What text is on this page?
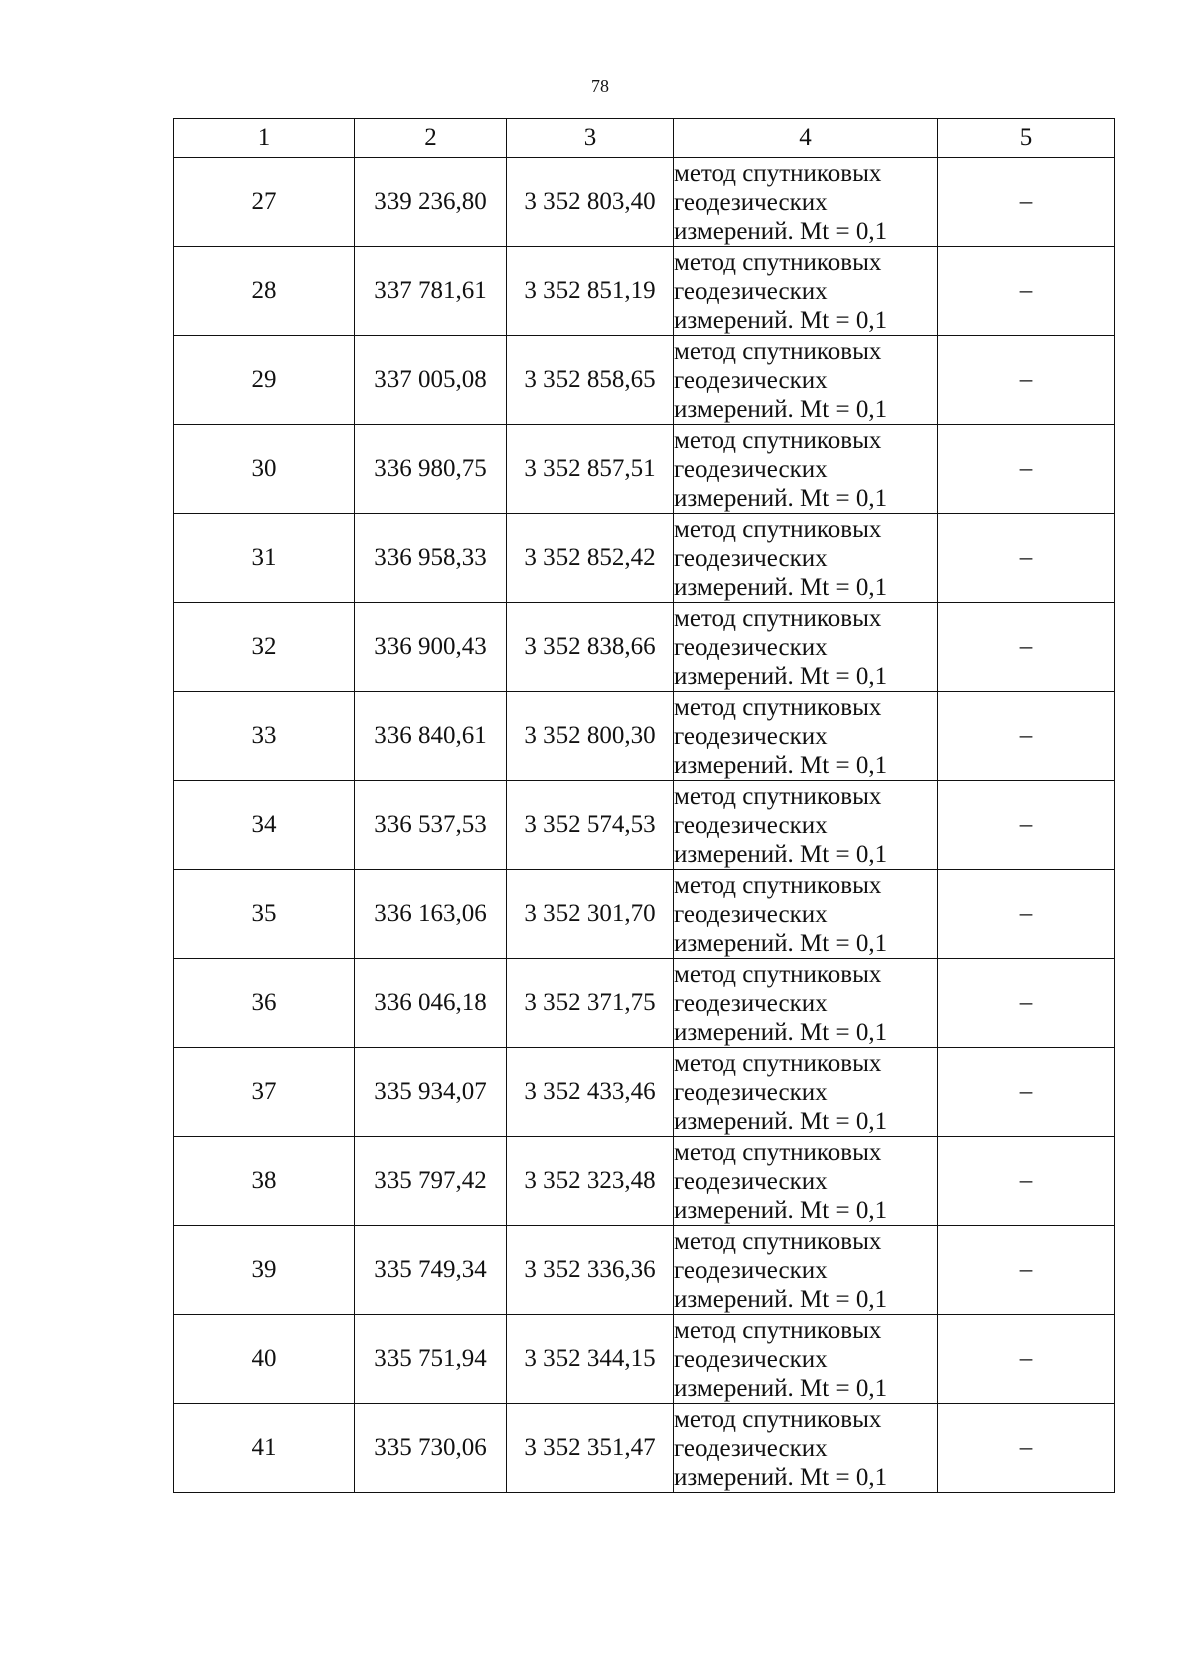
78
1	2	3	4	5
27	339 236,80	3 352 803,40	метод спутниковых
геодезических
измерений. Mt = 0,1	–
28	337 781,61	3 352 851,19	метод спутниковых
геодезических
измерений. Mt = 0,1	–
29	337 005,08	3 352 858,65	метод спутниковых
геодезических
измерений. Mt = 0,1	–
30	336 980,75	3 352 857,51	метод спутниковых
геодезических
измерений. Mt = 0,1	–
31	336 958,33	3 352 852,42	метод спутниковых
геодезических
измерений. Mt = 0,1	–
32	336 900,43	3 352 838,66	метод спутниковых
геодезических
измерений. Mt = 0,1	–
33	336 840,61	3 352 800,30	метод спутниковых
геодезических
измерений. Mt = 0,1	–
34	336 537,53	3 352 574,53	метод спутниковых
геодезических
измерений. Mt = 0,1	–
35	336 163,06	3 352 301,70	метод спутниковых
геодезических
измерений. Mt = 0,1	–
36	336 046,18	3 352 371,75	метод спутниковых
геодезических
измерений. Mt = 0,1	–
37	335 934,07	3 352 433,46	метод спутниковых
геодезических
измерений. Mt = 0,1	–
38	335 797,42	3 352 323,48	метод спутниковых
геодезических
измерений. Mt = 0,1	–
39	335 749,34	3 352 336,36	метод спутниковых
геодезических
измерений. Mt = 0,1	–
40	335 751,94	3 352 344,15	метод спутниковых
геодезических
измерений. Mt = 0,1	–
41	335 730,06	3 352 351,47	метод спутниковых
геодезических
измерений. Mt = 0,1	–
